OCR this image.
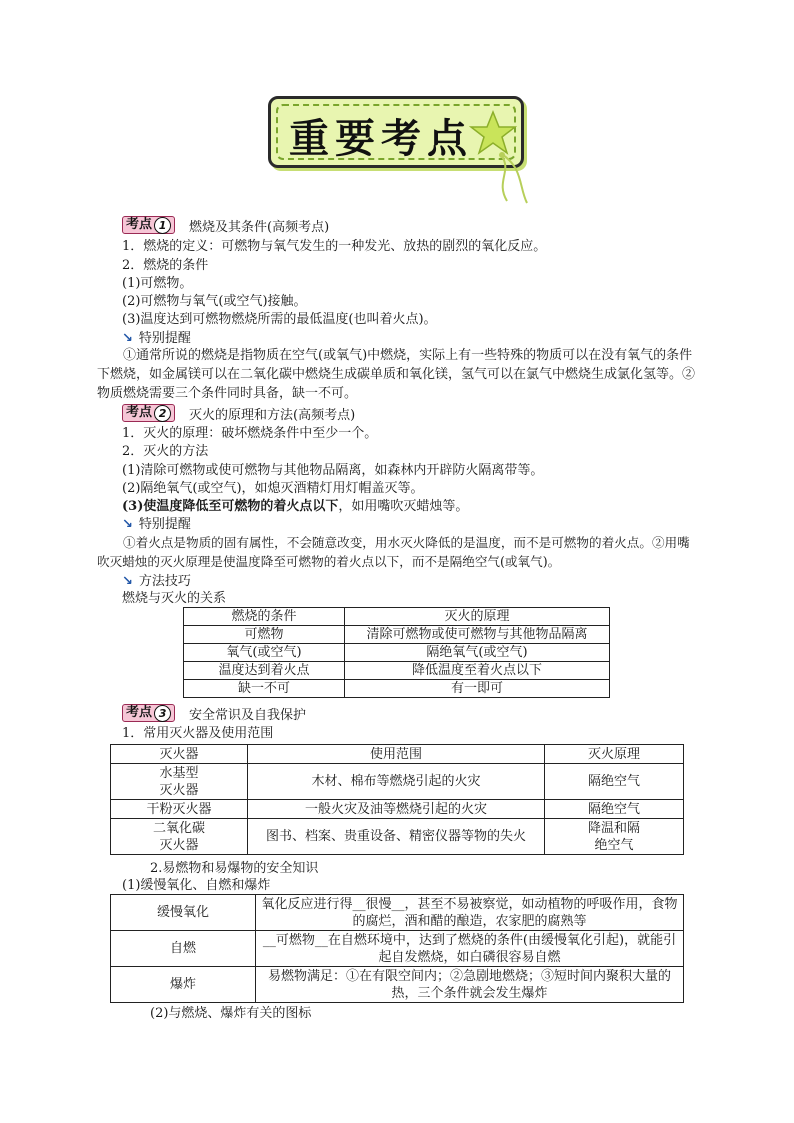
重要考点
考点 1	燃烧及其条件(高频考点)
1．燃烧的定义：可燃物与氧气发生的一种发光、放热的剧烈的氧化反应。
2．燃烧的条件
(1)可燃物。
(2)可燃物与氧气(或空气)接触。
(3)温度达到可燃物燃烧所需的最低温度(也叫着火点)。
↘ 特别提醒
①通常所说的燃烧是指物质在空气(或氧气)中燃烧，实际上有一些特殊的物质可以在没有氧气的条件下燃烧，如金属镁可以在二氧化碳中燃烧生成碳单质和氧化镁，氢气可以在氯气中燃烧生成氯化氢等。②物质燃烧需要三个条件同时具备，缺一不可。
考点 2	灭火的原理和方法(高频考点)
1．灭火的原理：破坏燃烧条件中至少一个。
2．灭火的方法
(1)清除可燃物或使可燃物与其他物品隔离，如森林内开辟防火隔离带等。
(2)隔绝氧气(或空气)，如熄灭酒精灯用灯帽盖灭等。
(3)使温度降低至可燃物的着火点以下，如用嘴吹灭蜡烛等。
↘ 特别提醒
①着火点是物质的固有属性，不会随意改变，用水灭火降低的是温度，而不是可燃物的着火点。②用嘴吹灭蜡烛的灭火原理是使温度降至可燃物的着火点以下，而不是隔绝空气(或氧气)。
↘ 方法技巧
燃烧与灭火的关系
燃烧的条件	灭火的原理
可燃物	清除可燃物或使可燃物与其他物品隔离
氧气(或空气)	隔绝氧气(或空气)
温度达到着火点	降低温度至着火点以下
缺一不可	有一即可
考点 3	安全常识及自我保护
1．常用灭火器及使用范围
灭火器	使用范围	灭火原理

水基型灭火器	木材、棉布等燃烧引起的火灾	隔绝空气
干粉灭火器	一般火灾及油等燃烧引起的火灾	隔绝空气

二氧化碳灭火器	图书、档案、贵重设备、精密仪器等物的失火	降温和隔绝空气
2.易燃物和易爆物的安全知识
(1)缓慢氧化、自燃和爆炸
缓慢氧化	氧化反应进行得__很慢__，甚至不易被察觉，如动植物的呼吸作用，食物的腐烂，酒和醋的酿造，农家肥的腐熟等
自燃	__可燃物__在自燃环境中，达到了燃烧的条件(由缓慢氧化引起)，就能引起自发燃烧，如白磷很容易自燃
爆炸	易燃物满足：①在有限空间内；②急剧地燃烧；③短时间内聚积大量的热，三个条件就会发生爆炸
(2)与燃烧、爆炸有关的图标
